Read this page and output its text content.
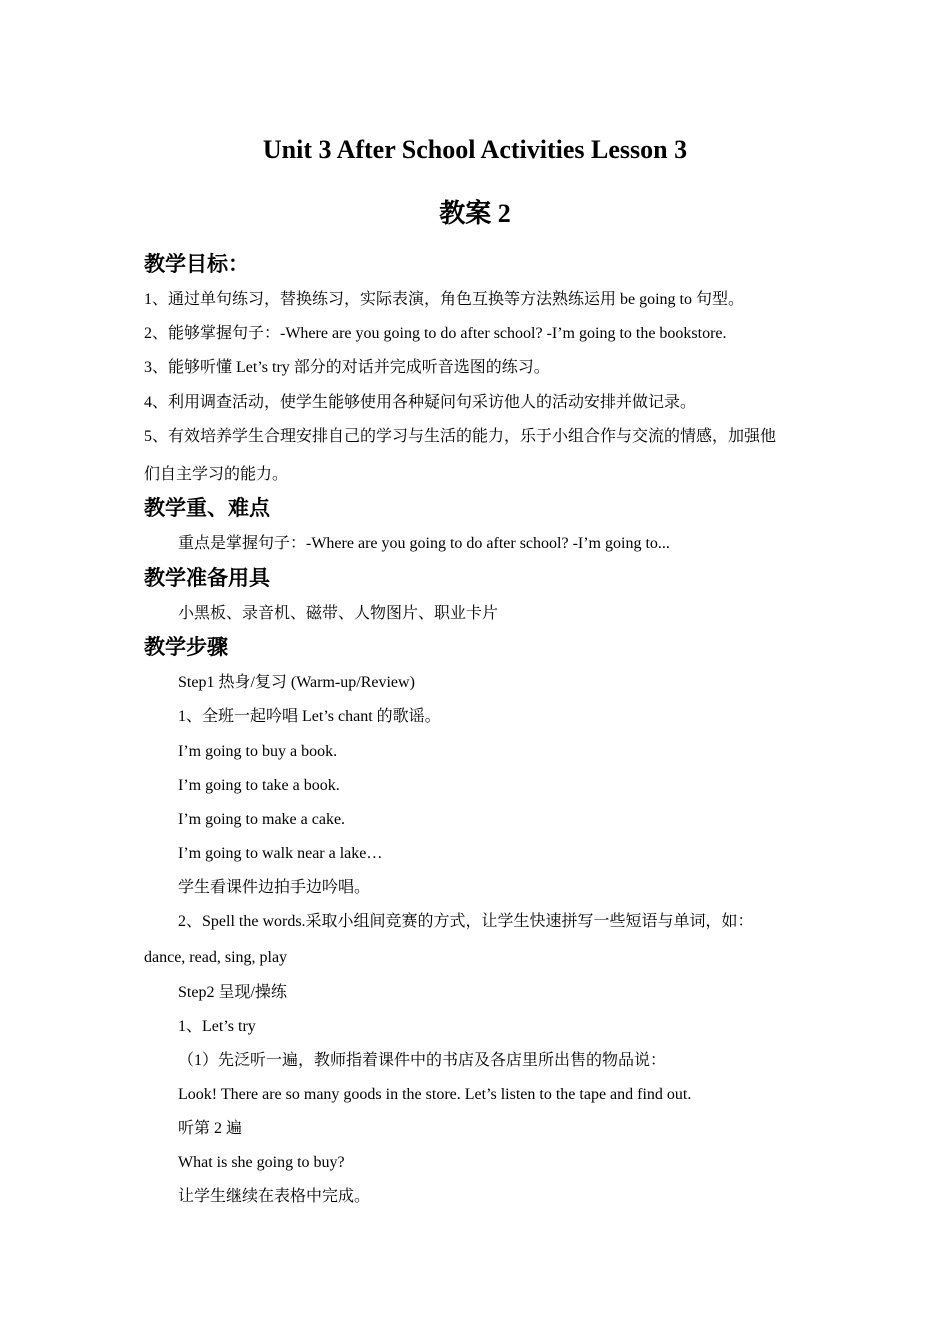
Unit 3 After School Activities Lesson 3
教案 2
教学目标：
1、通过单句练习，替换练习，实际表演，角色互换等方法熟练运用 be going to 句型。
2、能够掌握句子：-Where are you going to do after school? -I’m going to the bookstore.
3、能够听懂 Let’s try 部分的对话并完成听音选图的练习。
4、利用调查活动，使学生能够使用各种疑问句采访他人的活动安排并做记录。
5、有效培养学生合理安排自己的学习与生活的能力，乐于小组合作与交流的情感，加强他
们自主学习的能力。
教学重、难点
重点是掌握句子：-Where are you going to do after school? -I’m going to...
教学准备用具
小黑板、录音机、磁带、人物图片、职业卡片
教学步骤
Step1 热身/复习 (Warm-up/Review)
1、全班一起吟唱 Let’s chant 的歌谣。
I’m going to buy a book.
I’m going to take a book.
I’m going to make a cake.
I’m going to walk near a lake…
学生看课件边拍手边吟唱。
2、Spell the words.采取小组间竞赛的方式，让学生快速拼写一些短语与单词，如：
dance, read, sing, play
Step2 呈现/操练
1、Let’s try
（1）先泛听一遍，教师指着课件中的书店及各店里所出售的物品说：
Look! There are so many goods in the store. Let’s listen to the tape and find out.
听第 2 遍
What is she going to buy?
让学生继续在表格中完成。
